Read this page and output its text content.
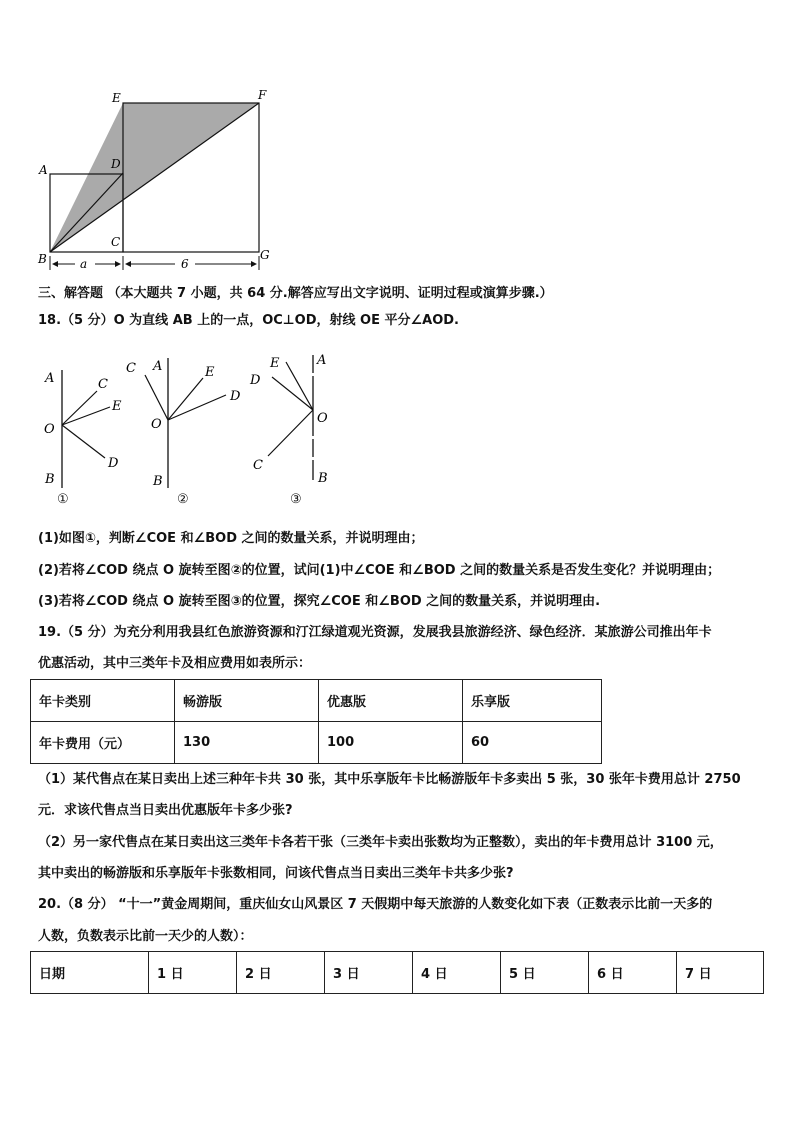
E	F
A	D
C
B	G
a	6
三、解答题 （本大题共 7 小题，共 64 分.解答应写出文字说明、证明过程或演算步骤.）
18.（5 分）O 为直线 AB 上的一点，OC⊥OD，射线 OE 平分∠AOD.
A	C
E
O
D
B
C A	E
D
O
B
E	A
D
O
C
B
①	②	③
(1)如图①，判断∠COE 和∠BOD 之间的数量关系，并说明理由；
(2)若将∠COD 绕点 O 旋转至图②的位置，试问(1)中∠COE 和∠BOD 之间的数量关系是否发生变化？并说明理由；
(3)若将∠COD 绕点 O 旋转至图③的位置，探究∠COE 和∠BOD 之间的数量关系，并说明理由.
19.（5 分）为充分利用我县红色旅游资源和汀江绿道观光资源，发展我县旅游经济、绿色经济．某旅游公司推出年卡
优惠活动，其中三类年卡及相应费用如表所示：
年卡类别	畅游版	优惠版	乐享版
年卡费用（元）	130	100	60
（1）某代售点在某日卖出上述三种年卡共 30 张，其中乐享版年卡比畅游版年卡多卖出 5 张，30 张年卡费用总计 2750
元．求该代售点当日卖出优惠版年卡多少张?
（2）另一家代售点在某日卖出这三类年卡各若干张（三类年卡卖出张数均为正整数），卖出的年卡费用总计 3100 元，
其中卖出的畅游版和乐享版年卡张数相同，问该代售点当日卖出三类年卡共多少张?
20.（8 分） “十一”黄金周期间，重庆仙女山风景区 7 天假期中每天旅游的人数变化如下表（正数表示比前一天多的
人数，负数表示比前一天少的人数）：
日期	1 日	2 日	3 日	4 日	5 日	6 日	7 日
